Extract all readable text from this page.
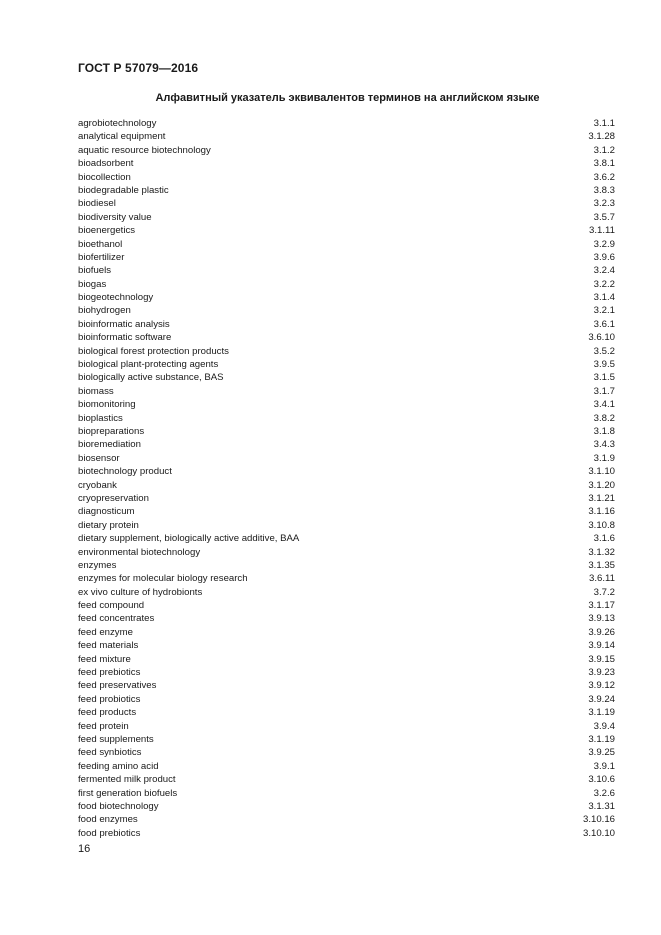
ГОСТ Р 57079—2016
Алфавитный указатель эквивалентов терминов на английском языке
agrobiotechnology	3.1.1
analytical equipment	3.1.28
aquatic resource biotechnology	3.1.2
bioadsorbent	3.8.1
biocollection	3.6.2
biodegradable plastic	3.8.3
biodiesel	3.2.3
biodiversity value	3.5.7
bioenergetics	3.1.11
bioethanol	3.2.9
biofertilizer	3.9.6
biofuels	3.2.4
biogas	3.2.2
biogeotechnology	3.1.4
biohydrogen	3.2.1
bioinformatic analysis	3.6.1
bioinformatic software	3.6.10
biological forest protection products	3.5.2
biological plant-protecting agents	3.9.5
biologically active substance, BAS	3.1.5
biomass	3.1.7
biomonitoring	3.4.1
bioplastics	3.8.2
biopreparations	3.1.8
bioremediation	3.4.3
biosensor	3.1.9
biotechnology product	3.1.10
cryobank	3.1.20
cryopreservation	3.1.21
diagnosticum	3.1.16
dietary protein	3.10.8
dietary supplement, biologically active additive, BAA	3.1.6
environmental biotechnology	3.1.32
enzymes	3.1.35
enzymes for molecular biology research	3.6.11
ex vivo culture of hydrobionts	3.7.2
feed compound	3.1.17
feed concentrates	3.9.13
feed enzyme	3.9.26
feed materials	3.9.14
feed mixture	3.9.15
feed prebiotics	3.9.23
feed preservatives	3.9.12
feed probiotics	3.9.24
feed products	3.1.19
feed protein	3.9.4
feed supplements	3.1.19
feed synbiotics	3.9.25
feeding amino acid	3.9.1
fermented milk product	3.10.6
first generation biofuels	3.2.6
food biotechnology	3.1.31
food enzymes	3.10.16
food prebiotics	3.10.10
16
